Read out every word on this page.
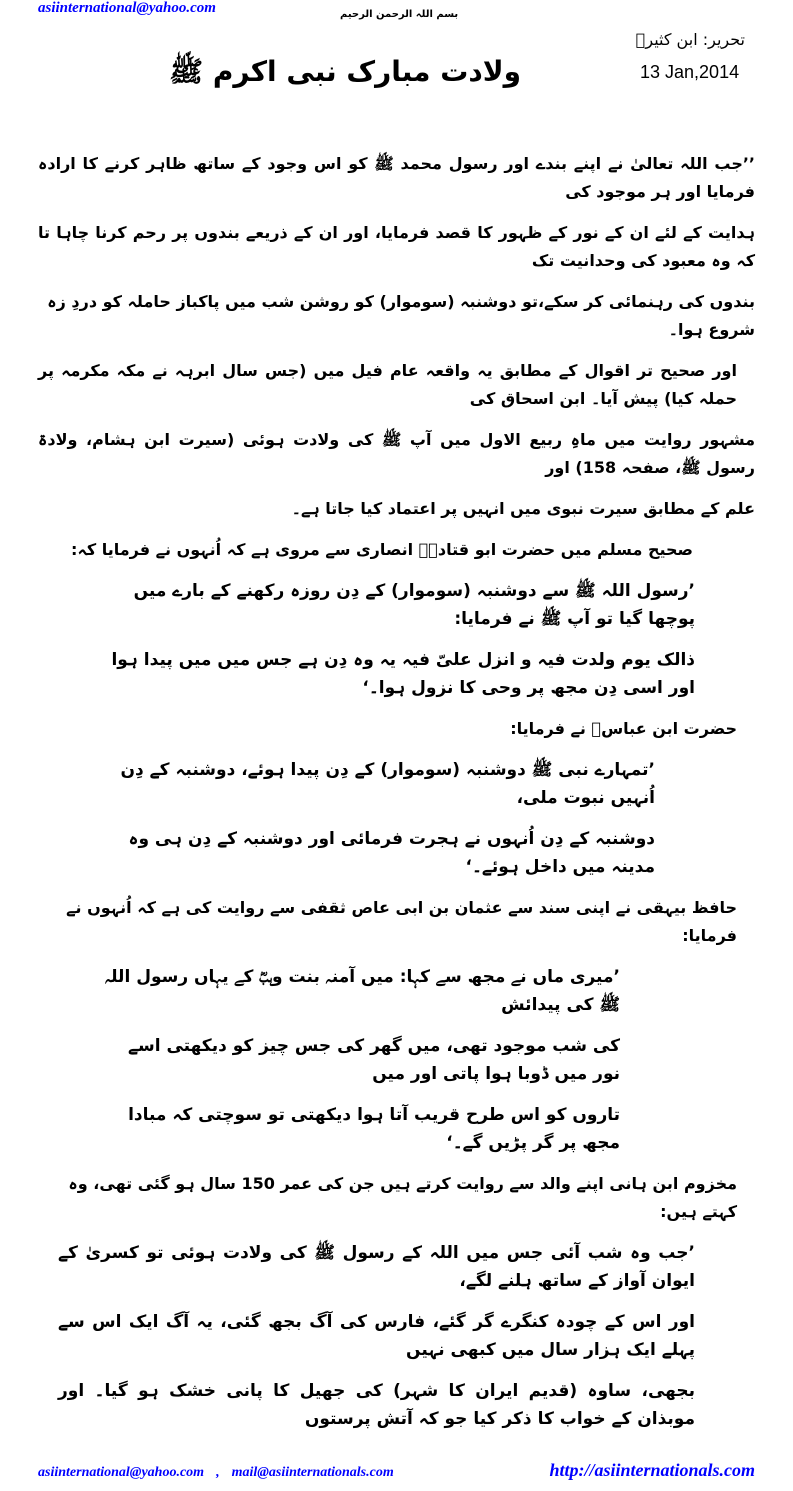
asiinternational@yahoo.com	بسم اللہ الرحمن الرحیم
تحریر: ابن کثیرؒ
13 Jan,2014
ولادت مبارک نبی اکرم ﷺ
’’جب اللہ تعالیٰ نے اپنے بندے اور رسول محمد ﷺ کو اس وجود کے ساتھ ظاہر کرنے کا ارادہ فرمایا اور ہر موجود کی
ہدایت کے لئے ان کے نور کے ظہور کا قصد فرمایا، اور ان کے ذریعے بندوں پر رحم کرنا چاہا تا کہ وہ معبود کی وحدانیت تک
بندوں کی رہنمائی کر سکے،تو دوشنبہ (سوموار) کو روشن شب میں پاکباز حاملہ کو دردِ زہ شروع ہوا۔
اور صحیح تر اقوال کے مطابق یہ واقعہ عام فیل میں (جس سال ابرہہ نے مکہ مکرمہ پر حملہ کیا) پیش آیا۔ ابن اسحاق کی
مشہور روایت میں ماہِ ربیع الاول میں آپ ﷺ کی ولادت ہوئی (سیرت ابن ہشام، ولادۃ رسول ﷺ، صفحہ 158) اور
علم کے مطابق سیرت نبوی میں انہیں پر اعتماد کیا جاتا ہے۔
صحیح مسلم میں حضرت ابو قتادہؓ انصاری سے مروی ہے کہ اُنہوں نے فرمایا کہ:
’رسول اللہ ﷺ سے دوشنبہ (سوموار) کے دِن روزہ رکھنے کے بارے میں پوچھا گیا تو آپ ﷺ نے فرمایا:
ذالک یوم ولدت فیہ و انزل علیّ فیہ یہ وہ دِن ہے جس میں میں پیدا ہوا اور اسی دِن مجھ پر وحی کا نزول ہوا۔‘
حضرت ابن عباسؓ نے فرمایا:
’تمہارے نبی ﷺ دوشنبہ (سوموار) کے دِن پیدا ہوئے، دوشنبہ کے دِن اُنہیں نبوت ملی،
دوشنبہ کے دِن اُنہوں نے ہجرت فرمائی اور دوشنبہ کے دِن ہی وہ مدینہ میں داخل ہوئے۔‘
حافظ بیہقی نے اپنی سند سے عثمان بن ابی عاص ثقفی سے روایت کی ہے کہ اُنہوں نے فرمایا:
’میری ماں نے مجھ سے کہا: میں آمنہ بنت وہبؓ کے یہاں رسول اللہ ﷺ کی پیدائش
کی شب موجود تھی، میں گھر کی جس چیز کو دیکھتی اسے نور میں ڈوبا ہوا پاتی اور میں
تاروں کو اس طرح قریب آتا ہوا دیکھتی تو سوچتی کہ مبادا مجھ پر گر پڑیں گے۔‘
مخزوم ابن ہانی اپنے والد سے روایت کرتے ہیں جن کی عمر 150 سال ہو گئی تھی، وہ کہتے ہیں:
’جب وہ شب آئی جس میں اللہ کے رسول ﷺ کی ولادت ہوئی تو کسریٰ کے ایوان آواز کے ساتھ ہلنے لگے،
اور اس کے چودہ کنگرے گر گئے، فارس کی آگ بجھ گئی، یہ آگ ایک اس سے پہلے ایک ہزار سال میں کبھی نہیں
بجھی، ساوہ (قدیم ایران کا شہر) کی جھیل کا پانی خشک ہو گیا۔ اور موبذان کے خواب کا ذکر کیا جو کہ آتش پرستوں
asiinternational@yahoo.com , mail@asiinternationals.com	http://asiinternationals.com
